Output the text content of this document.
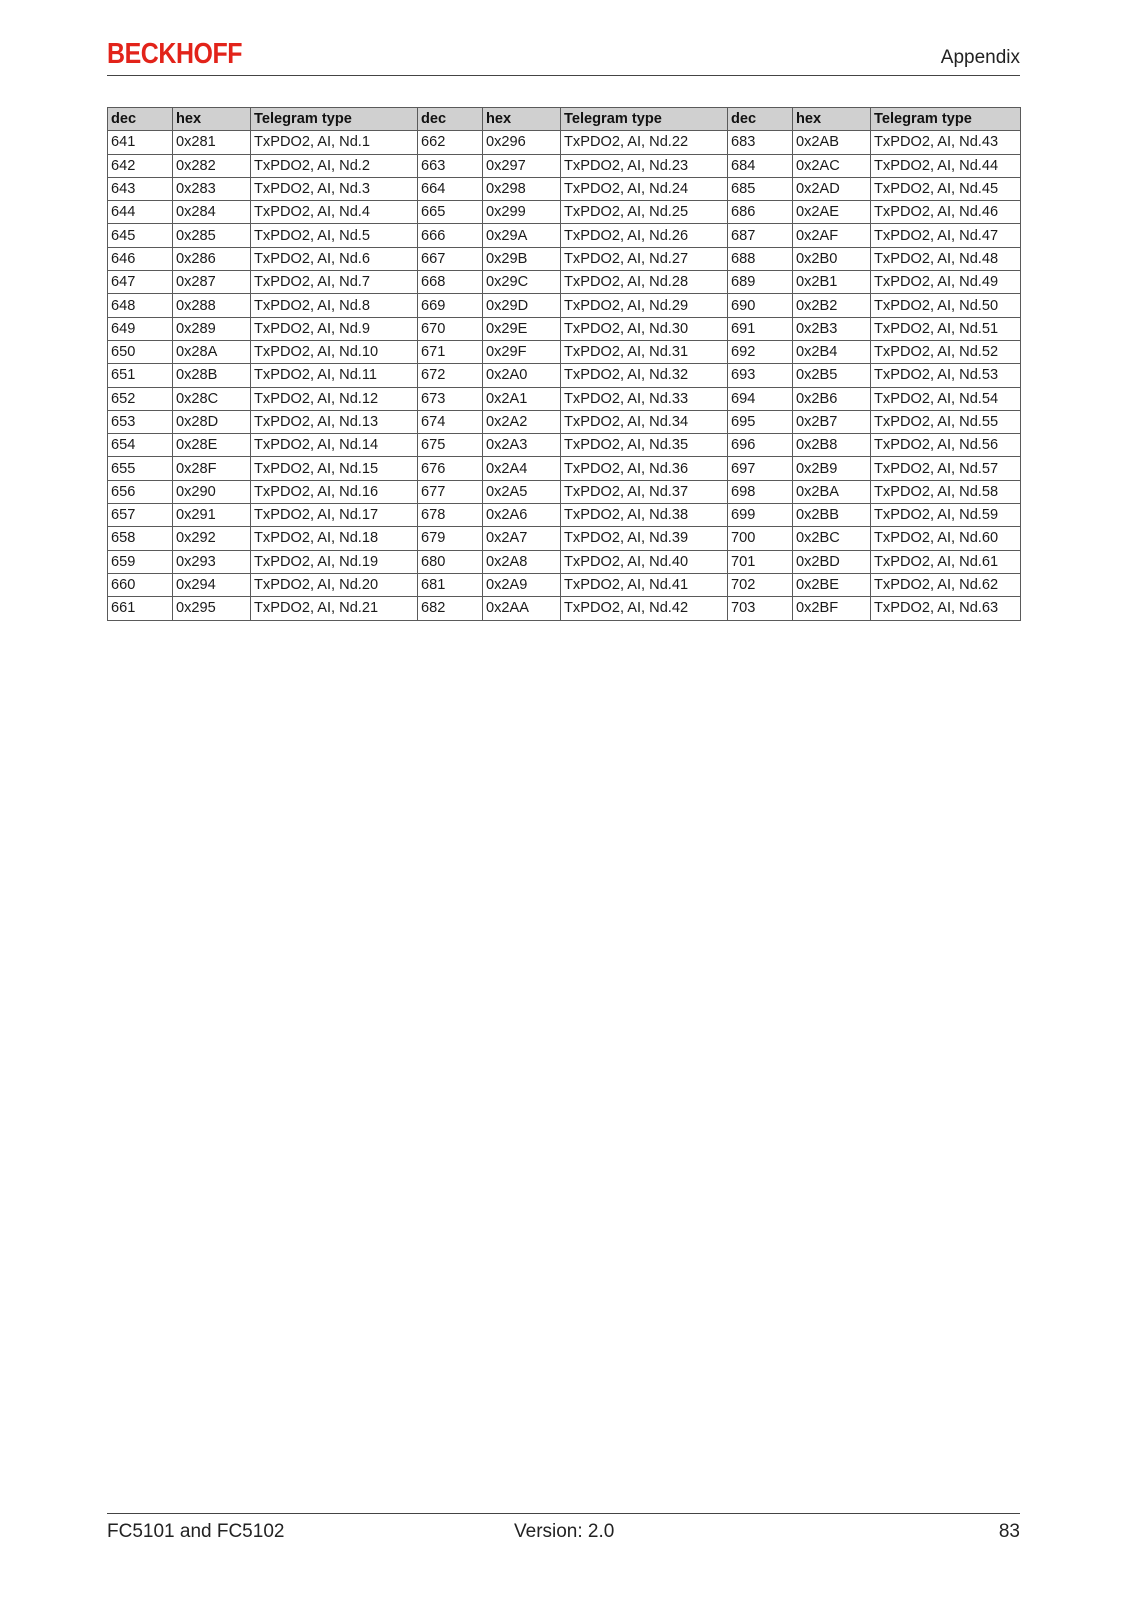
BECKHOFF	Appendix
dec	hex	Telegram type	dec	hex	Telegram type	dec	hex	Telegram type
641	0x281	TxPDO2, AI, Nd.1	662	0x296	TxPDO2, AI, Nd.22	683	0x2AB	TxPDO2, AI, Nd.43
642	0x282	TxPDO2, AI, Nd.2	663	0x297	TxPDO2, AI, Nd.23	684	0x2AC	TxPDO2, AI, Nd.44
643	0x283	TxPDO2, AI, Nd.3	664	0x298	TxPDO2, AI, Nd.24	685	0x2AD	TxPDO2, AI, Nd.45
644	0x284	TxPDO2, AI, Nd.4	665	0x299	TxPDO2, AI, Nd.25	686	0x2AE	TxPDO2, AI, Nd.46
645	0x285	TxPDO2, AI, Nd.5	666	0x29A	TxPDO2, AI, Nd.26	687	0x2AF	TxPDO2, AI, Nd.47
646	0x286	TxPDO2, AI, Nd.6	667	0x29B	TxPDO2, AI, Nd.27	688	0x2B0	TxPDO2, AI, Nd.48
647	0x287	TxPDO2, AI, Nd.7	668	0x29C	TxPDO2, AI, Nd.28	689	0x2B1	TxPDO2, AI, Nd.49
648	0x288	TxPDO2, AI, Nd.8	669	0x29D	TxPDO2, AI, Nd.29	690	0x2B2	TxPDO2, AI, Nd.50
649	0x289	TxPDO2, AI, Nd.9	670	0x29E	TxPDO2, AI, Nd.30	691	0x2B3	TxPDO2, AI, Nd.51
650	0x28A	TxPDO2, AI, Nd.10	671	0x29F	TxPDO2, AI, Nd.31	692	0x2B4	TxPDO2, AI, Nd.52
651	0x28B	TxPDO2, AI, Nd.11	672	0x2A0	TxPDO2, AI, Nd.32	693	0x2B5	TxPDO2, AI, Nd.53
652	0x28C	TxPDO2, AI, Nd.12	673	0x2A1	TxPDO2, AI, Nd.33	694	0x2B6	TxPDO2, AI, Nd.54
653	0x28D	TxPDO2, AI, Nd.13	674	0x2A2	TxPDO2, AI, Nd.34	695	0x2B7	TxPDO2, AI, Nd.55
654	0x28E	TxPDO2, AI, Nd.14	675	0x2A3	TxPDO2, AI, Nd.35	696	0x2B8	TxPDO2, AI, Nd.56
655	0x28F	TxPDO2, AI, Nd.15	676	0x2A4	TxPDO2, AI, Nd.36	697	0x2B9	TxPDO2, AI, Nd.57
656	0x290	TxPDO2, AI, Nd.16	677	0x2A5	TxPDO2, AI, Nd.37	698	0x2BA	TxPDO2, AI, Nd.58
657	0x291	TxPDO2, AI, Nd.17	678	0x2A6	TxPDO2, AI, Nd.38	699	0x2BB	TxPDO2, AI, Nd.59
658	0x292	TxPDO2, AI, Nd.18	679	0x2A7	TxPDO2, AI, Nd.39	700	0x2BC	TxPDO2, AI, Nd.60
659	0x293	TxPDO2, AI, Nd.19	680	0x2A8	TxPDO2, AI, Nd.40	701	0x2BD	TxPDO2, AI, Nd.61
660	0x294	TxPDO2, AI, Nd.20	681	0x2A9	TxPDO2, AI, Nd.41	702	0x2BE	TxPDO2, AI, Nd.62
661	0x295	TxPDO2, AI, Nd.21	682	0x2AA	TxPDO2, AI, Nd.42	703	0x2BF	TxPDO2, AI, Nd.63
FC5101 and FC5102	Version: 2.0	83
